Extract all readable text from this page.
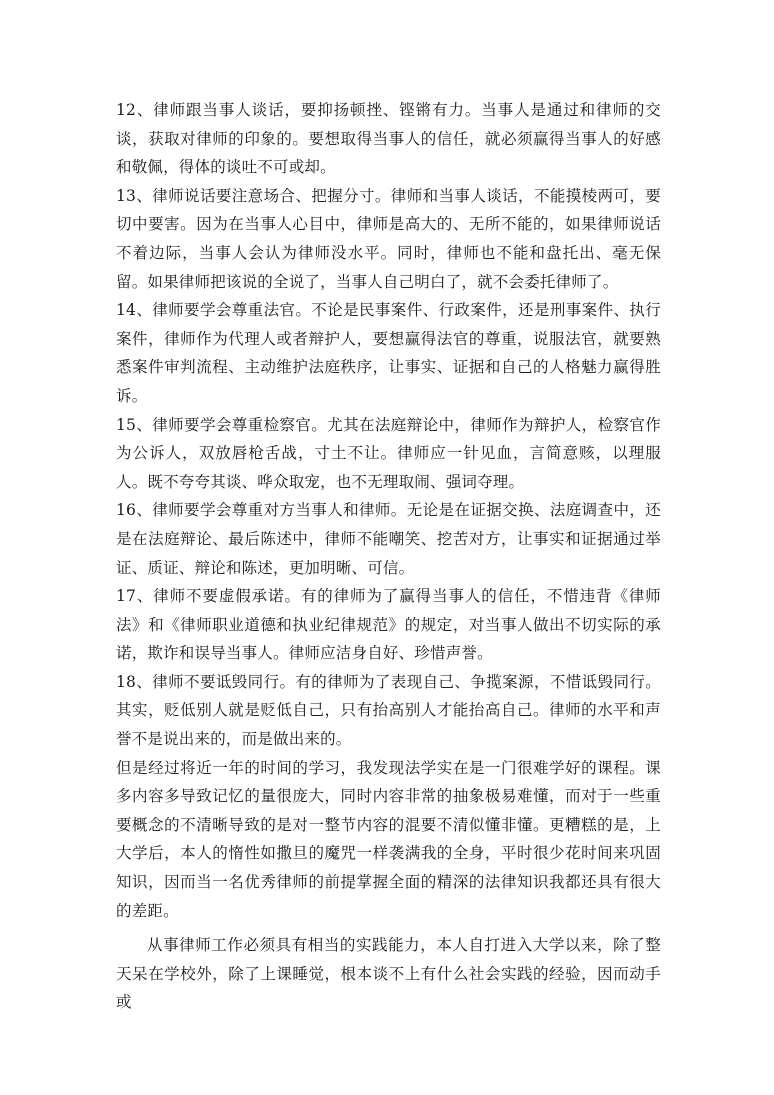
12、律师跟当事人谈话，要抑扬顿挫、铿锵有力。当事人是通过和律师的交谈，获取对律师的印象的。要想取得当事人的信任，就必须赢得当事人的好感和敬佩，得体的谈吐不可或却。

13、律师说话要注意场合、把握分寸。律师和当事人谈话，不能摸棱两可，要切中要害。因为在当事人心目中，律师是高大的、无所不能的，如果律师说话不着边际，当事人会认为律师没水平。同时，律师也不能和盘托出、毫无保留。如果律师把该说的全说了，当事人自己明白了，就不会委托律师了。

14、律师要学会尊重法官。不论是民事案件、行政案件，还是刑事案件、执行案件，律师作为代理人或者辩护人，要想赢得法官的尊重，说服法官，就要熟悉案件审判流程、主动维护法庭秩序，让事实、证据和自己的人格魅力赢得胜诉。

15、律师要学会尊重检察官。尤其在法庭辩论中，律师作为辩护人，检察官作为公诉人，双放唇枪舌战，寸土不让。律师应一针见血，言简意赅，以理服人。既不夸夸其谈、哗众取宠，也不无理取闹、强词夺理。

16、律师要学会尊重对方当事人和律师。无论是在证据交换、法庭调查中，还是在法庭辩论、最后陈述中，律师不能嘲笑、挖苦对方，让事实和证据通过举证、质证、辩论和陈述，更加明晰、可信。

17、律师不要虚假承诺。有的律师为了赢得当事人的信任，不惜违背《律师法》和《律师职业道德和执业纪律规范》的规定，对当事人做出不切实际的承诺，欺诈和误导当事人。律师应洁身自好、珍惜声誉。

18、律师不要诋毁同行。有的律师为了表现自己、争揽案源，不惜诋毁同行。其实，贬低别人就是贬低自己，只有抬高别人才能抬高自己。律师的水平和声誉不是说出来的，而是做出来的。

但是经过将近一年的时间的学习，我发现法学实在是一门很难学好的课程。课多内容多导致记忆的量很庞大，同时内容非常的抽象极易难懂，而对于一些重要概念的不清晰导致的是对一整节内容的混要不清似懂非懂。更糟糕的是，上大学后，本人的惰性如撒旦的魔咒一样袭满我的全身，平时很少花时间来巩固知识，因而当一名优秀律师的前提掌握全面的精深的法律知识我都还具有很大的差距。

从事律师工作必须具有相当的实践能力，本人自打进入大学以来，除了整天呆在学校外，除了上课睡觉，根本谈不上有什么社会实践的经验，因而动手或
